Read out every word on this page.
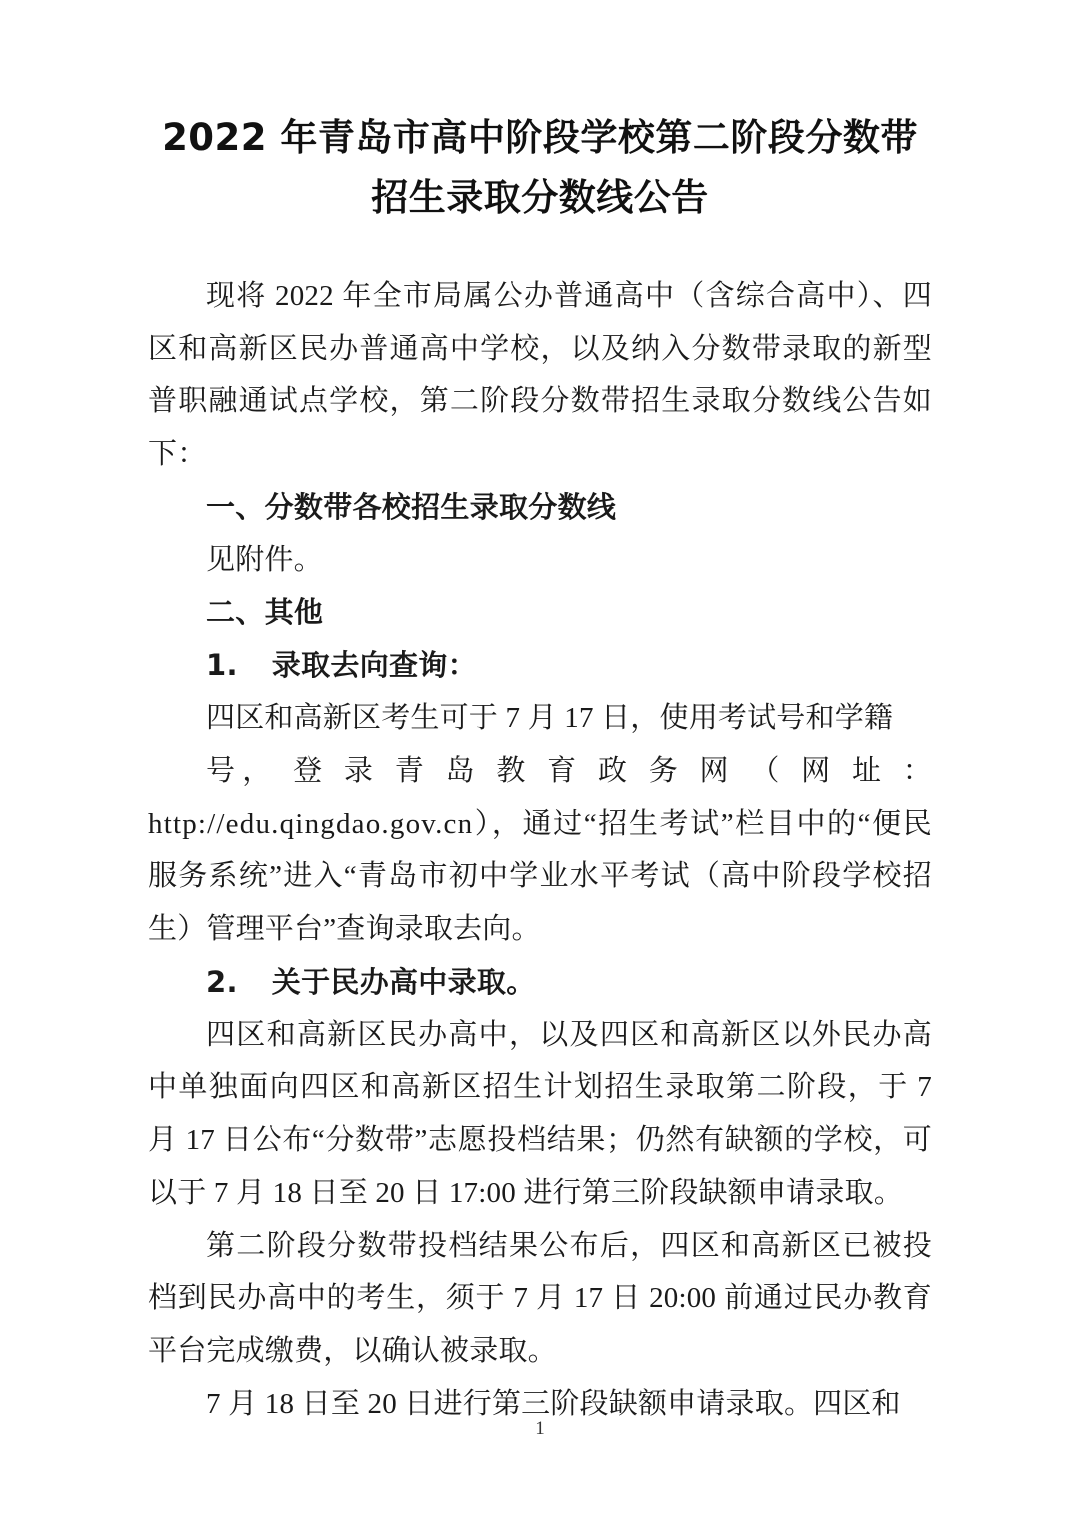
2022 年青岛市高中阶段学校第二阶段分数带
招生录取分数线公告

现将 2022 年全市局属公办普通高中（含综合高中）、四区和高新区民办普通高中学校，以及纳入分数带录取的新型普职融通试点学校，第二阶段分数带招生录取分数线公告如下：

一、分数带各校招生录取分数线

见附件。

二、其他

1. 录取去向查询：

四区和高新区考生可于 7 月 17 日，使用考试号和学籍
号， 登 录 青 岛 教 育 政 务 网 （ 网 址 ：
http://edu.qingdao.gov.cn），通过“招生考试”栏目中的“便民服务系统”进入“青岛市初中学业水平考试（高中阶段学校招生）管理平台”查询录取去向。

2. 关于民办高中录取。

四区和高新区民办高中，以及四区和高新区以外民办高中单独面向四区和高新区招生计划招生录取第二阶段，于 7 月 17 日公布“分数带”志愿投档结果；仍然有缺额的学校，可以于 7 月 18 日至 20 日 17:00 进行第三阶段缺额申请录取。

第二阶段分数带投档结果公布后，四区和高新区已被投档到民办高中的考生，须于 7 月 17 日 20:00 前通过民办教育平台完成缴费，以确认被录取。

7 月 18 日至 20 日进行第三阶段缺额申请录取。四区和

1
